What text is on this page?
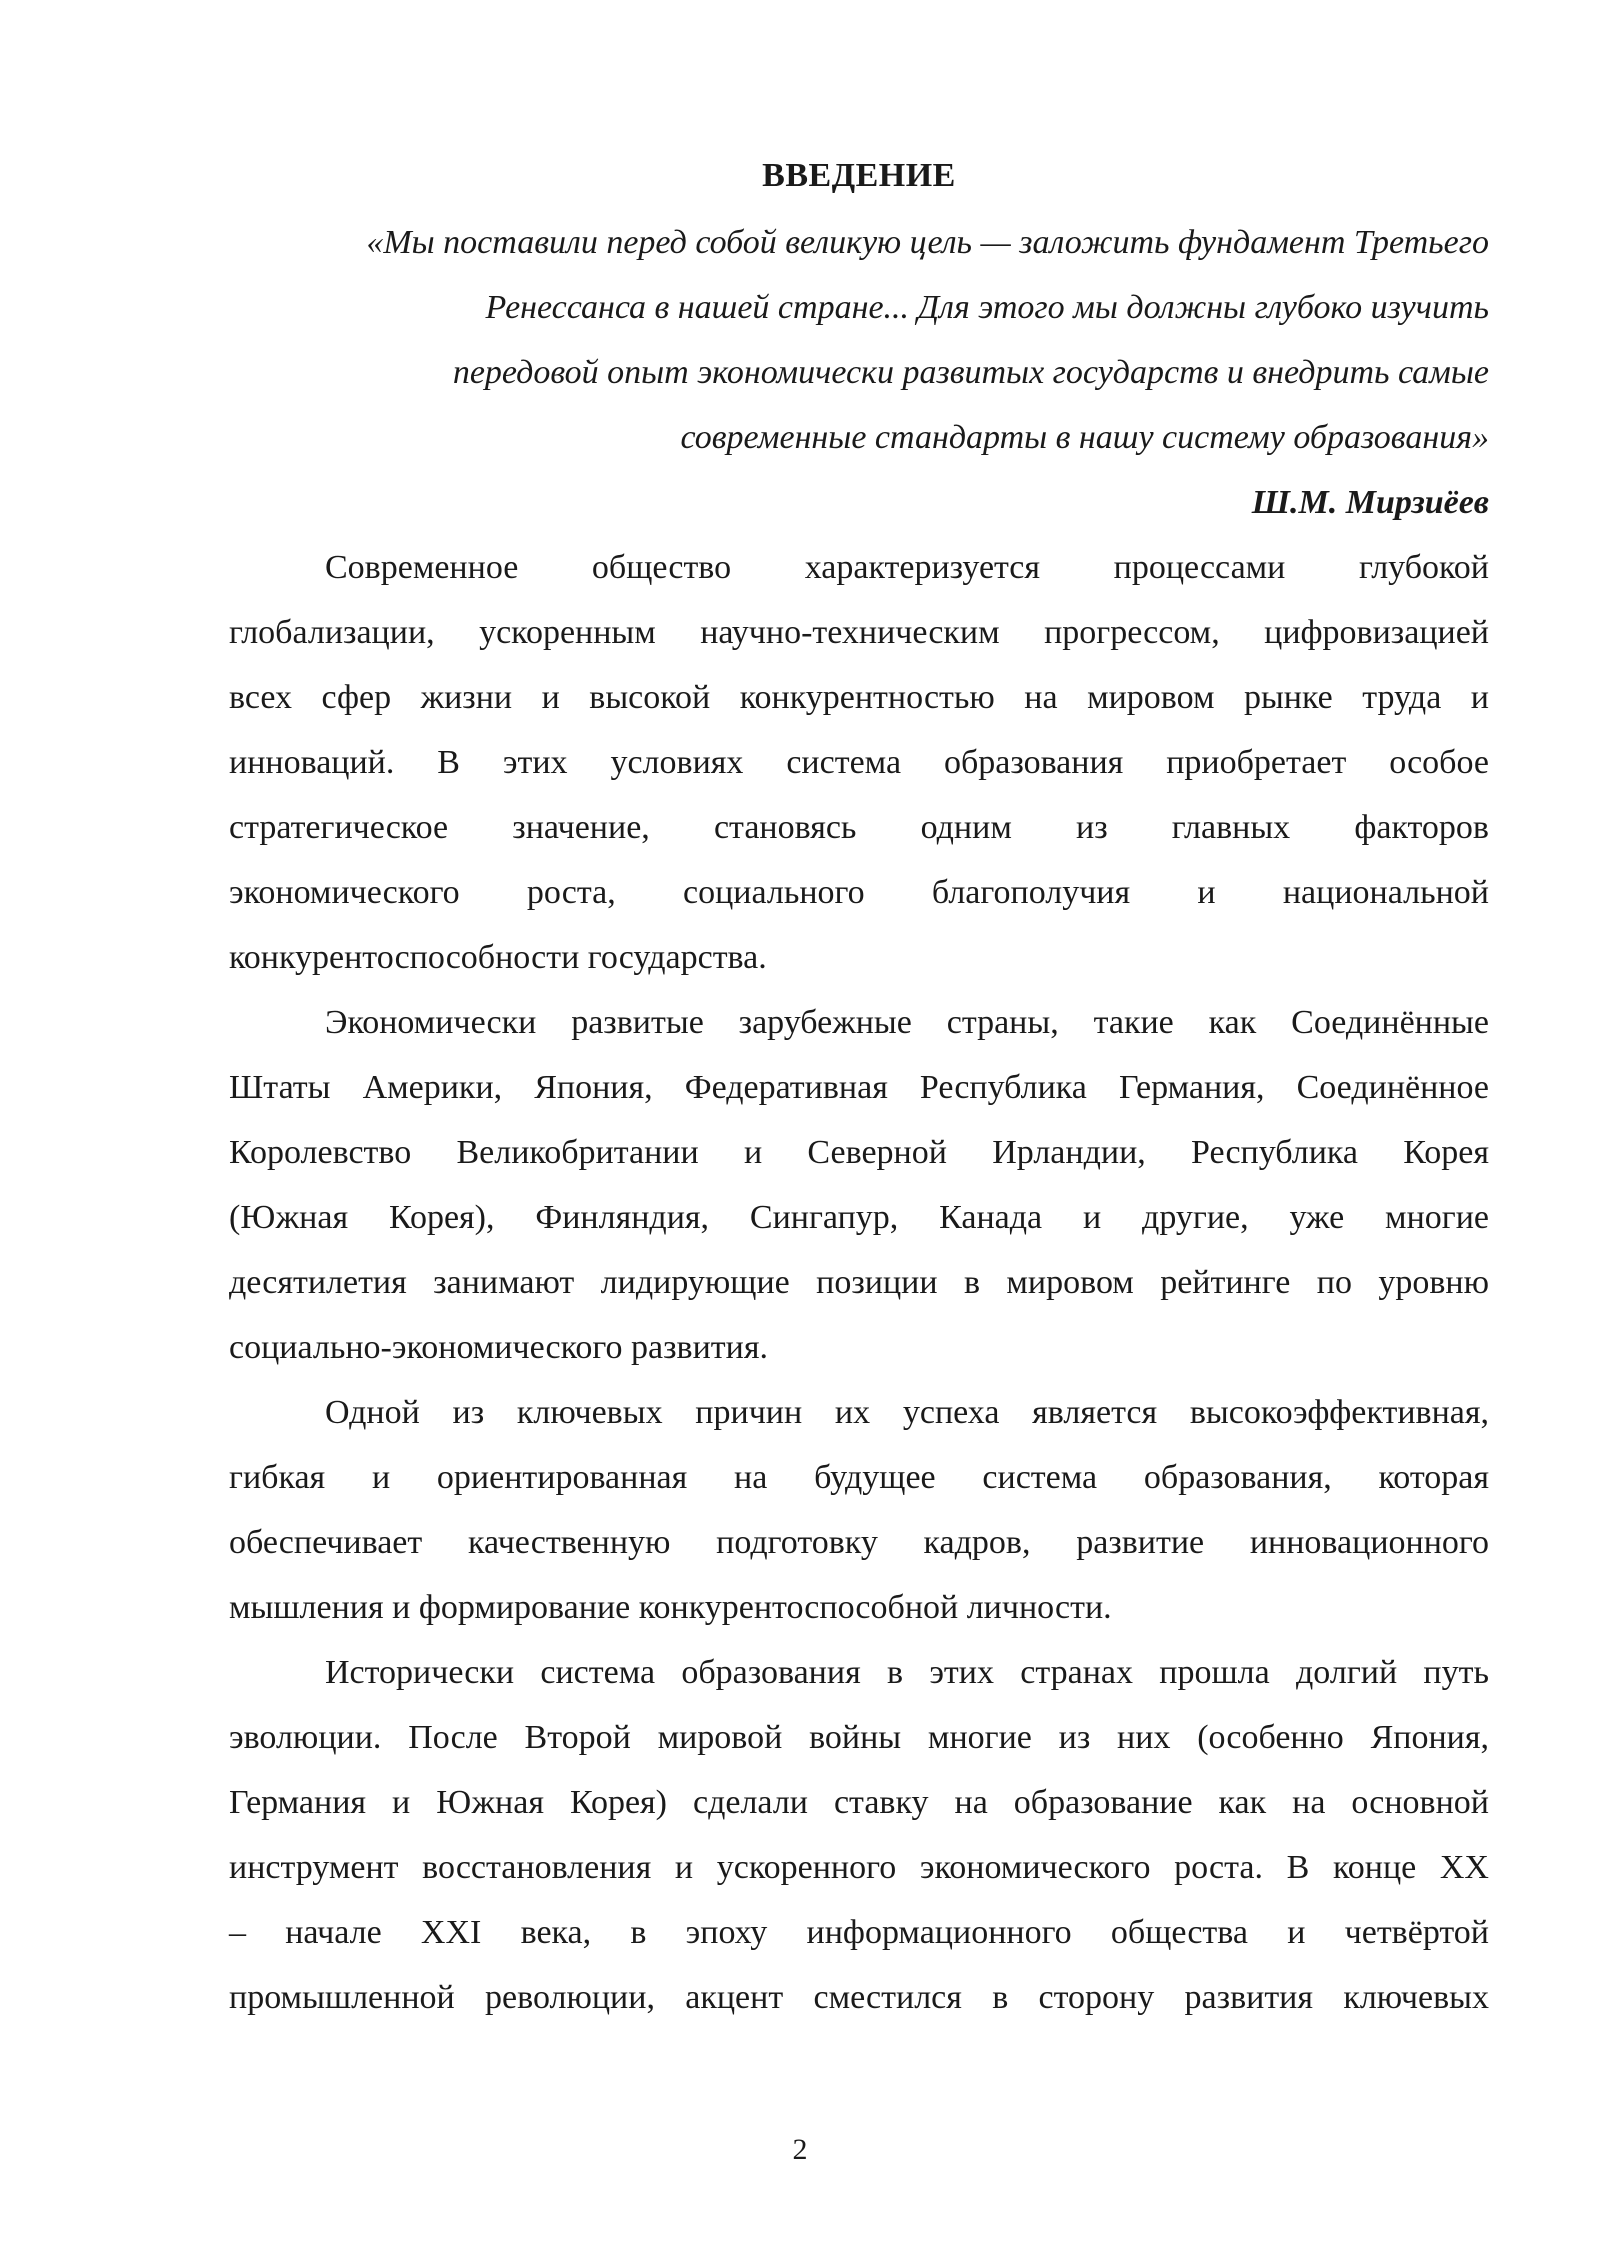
ВВЕДЕНИЕ
«Мы поставили перед собой великую цель — заложить фундамент Третьего
Ренессанса в нашей стране... Для этого мы должны глубоко изучить
передовой опыт экономически развитых государств и внедрить самые
современные стандарты в нашу систему образования»
Ш.М. Мирзиёев

Современное общество характеризуется процессами глубокой
глобализации, ускоренным научно-техническим прогрессом, цифровизацией
всех сфер жизни и высокой конкурентностью на мировом рынке труда и
инноваций. В этих условиях система образования приобретает особое
стратегическое значение, становясь одним из главных факторов
экономического роста, социального благополучия и национальной
конкурентоспособности государства.

Экономически развитые зарубежные страны, такие как Соединённые
Штаты Америки, Япония, Федеративная Республика Германия, Соединённое
Королевство Великобритании и Северной Ирландии, Республика Корея
(Южная Корея), Финляндия, Сингапур, Канада и другие, уже многие
десятилетия занимают лидирующие позиции в мировом рейтинге по уровню
социально-экономического развития.

Одной из ключевых причин их успеха является высокоэффективная,
гибкая и ориентированная на будущее система образования, которая
обеспечивает качественную подготовку кадров, развитие инновационного
мышления и формирование конкурентоспособной личности.

Исторически система образования в этих странах прошла долгий путь
эволюции. После Второй мировой войны многие из них (особенно Япония,
Германия и Южная Корея) сделали ставку на образование как на основной
инструмент восстановления и ускоренного экономического роста. В конце XX
– начале XXI века, в эпоху информационного общества и четвёртой
промышленной революции, акцент сместился в сторону развития ключевых

2
